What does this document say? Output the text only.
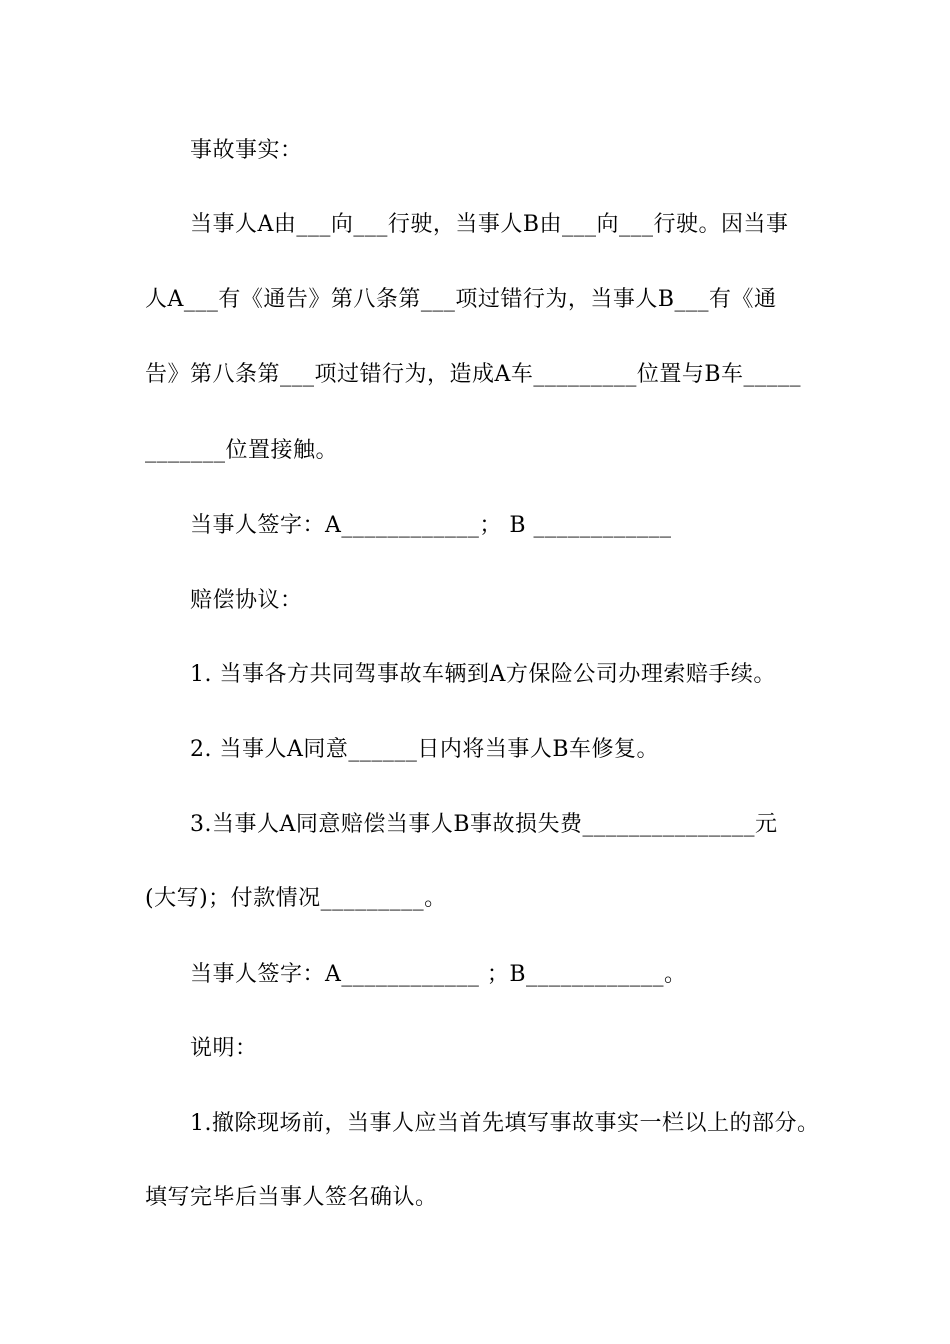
事故事实：
当事人A由___向___行驶，当事人B由___向___行驶。因当事
人A___有《通告》第八条第___项过错行为，当事人B___有《通
告》第八条第___项过错行为，造成A车_________位置与B车_____
_______位置接触。
当事人签字：A____________； B ____________
赔偿协议：
1. 当事各方共同驾事故车辆到A方保险公司办理索赔手续。
2. 当事人A同意______日内将当事人B车修复。
3.当事人A同意赔偿当事人B事故损失费_______________元
(大写)；付款情况_________。
当事人签字：A____________ ；B____________。
说明：
1.撤除现场前，当事人应当首先填写事故事实一栏以上的部分。
填写完毕后当事人签名确认。
